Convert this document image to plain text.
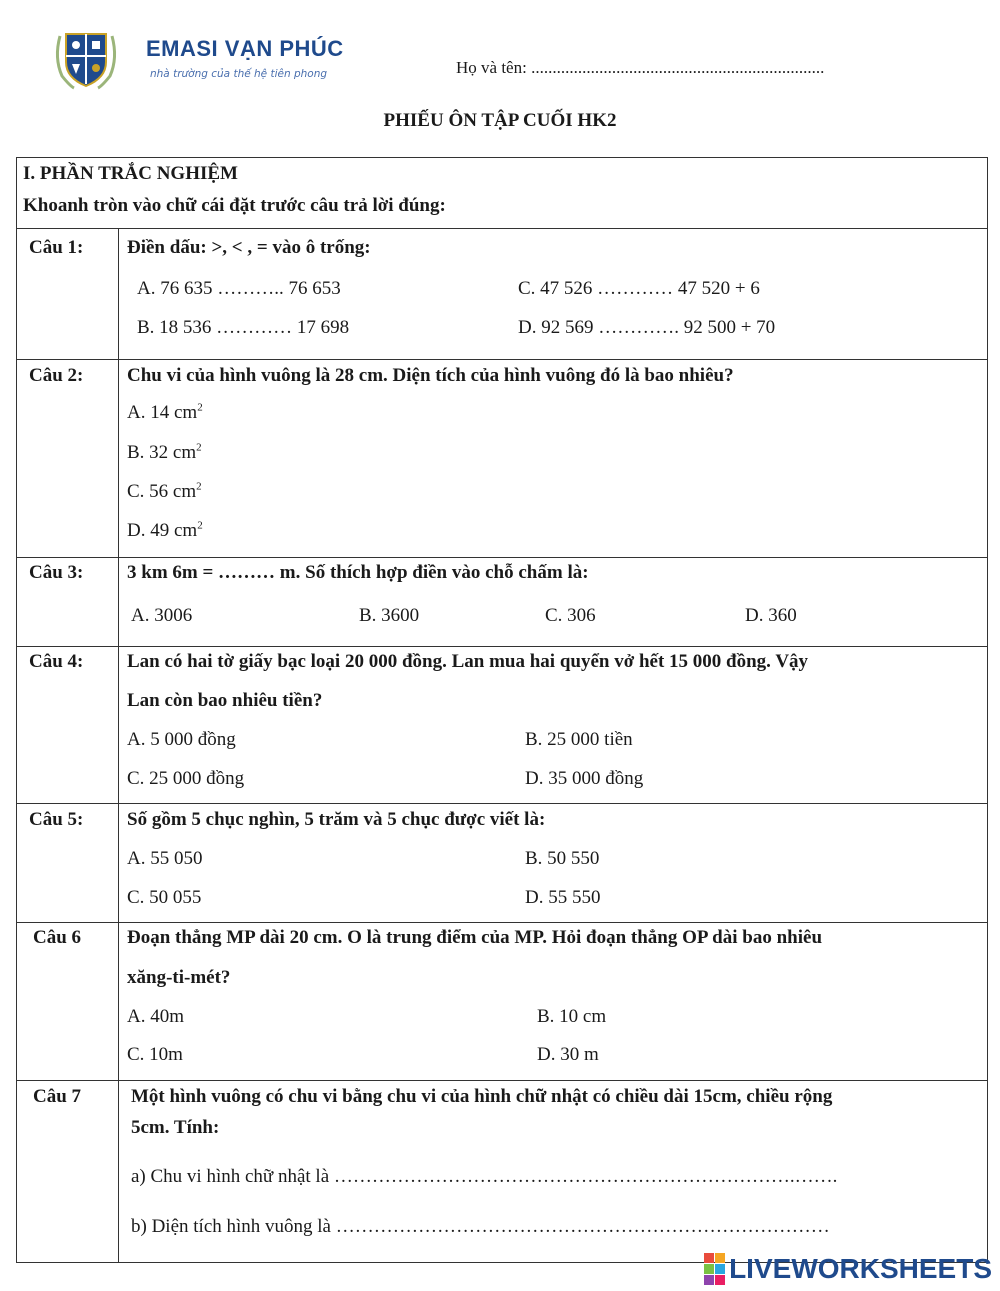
EMASI VẠN PHÚC
nhà trường của thế hệ tiên phong	Họ và tên: .....................................................................
PHIẾU ÔN TẬP CUỐI HK2
I. PHẦN TRẮC NGHIỆM
Khoanh tròn vào chữ cái đặt trước câu trả lời đúng:
Câu 1: Điền dấu: >, < , = vào ô trống:
A. 76 635 ……….. 76 653	C. 47 526 ………… 47 520 + 6
B. 18 536 ………… 17 698	D. 92 569 …………. 92 500 + 70
Câu 2: Chu vi của hình vuông là 28 cm. Diện tích của hình vuông đó là bao nhiêu?
A. 14 $cm^2$
B. 32 $cm^2$
C. 56 $cm^2$
D. 49 $cm^2$
Câu 3: 3 km 6m = ……… m. Số thích hợp điền vào chỗ chấm là:
A. 3006	B. 3600	C. 306	D. 360
Câu 4: Lan có hai tờ giấy bạc loại 20 000 đồng. Lan mua hai quyển vở hết 15 000 đồng. Vậy
Lan còn bao nhiêu tiền?
A. 5 000 đồng	B. 25 000 tiền
C. 25 000 đồng	D. 35 000 đồng
Câu 5: Số gồm 5 chục nghìn, 5 trăm và 5 chục được viết là:
A. 55 050	B. 50 550
C. 50 055	D. 55 550
Câu 6 Đoạn thẳng MP dài 20 cm. O là trung điểm của MP. Hỏi đoạn thẳng OP dài bao nhiêu
xăng-ti-mét?
A. 40m	B. 10 cm
C. 10m	D. 30 m
Câu 7	Một hình vuông có chu vi bằng chu vi của hình chữ nhật có chiều dài 15cm, chiều rộng
5cm. Tính:
a) Chu vi hình chữ nhật là ……………………………………………………………….…….
b) Diện tích hình vuông là ……………………………………………………………………
LIVEWORKSHEETS
